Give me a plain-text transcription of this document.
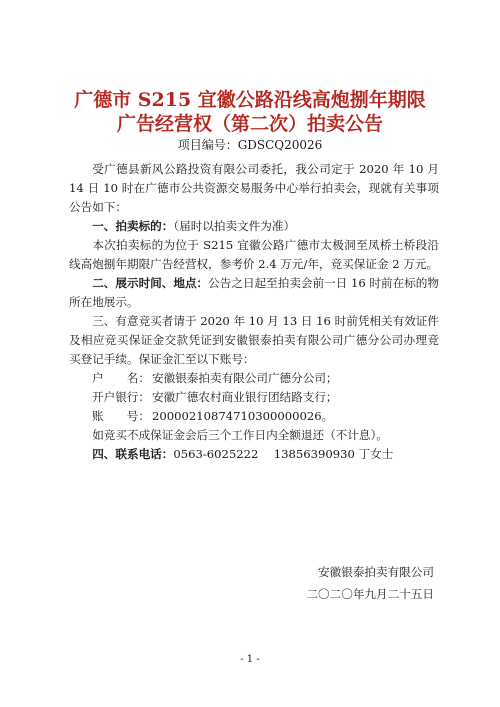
广德市 S215 宜徽公路沿线高炮捌年期限
广告经营权（第二次）拍卖公告
项目编号：GDSCQ20026

受广德县新风公路投资有限公司委托，我公司定于 2020 年 10 月 14 日 10 时在广德市公共资源交易服务中心举行拍卖会，现就有关事项公告如下：

一、拍卖标的：（届时以拍卖文件为准）

本次拍卖标的为位于 S215 宜徽公路广德市太极洞至凤桥土桥段沿线高炮捌年期限广告经营权，参考价 2.4 万元/年，竞买保证金 2 万元。

二、展示时间、地点：公告之日起至拍卖会前一日 16 时前在标的物所在地展示。

三、有意竞买者请于 2020 年 10 月 13 日 16 时前凭相关有效证件及相应竞买保证金交款凭证到安徽银泰拍卖有限公司广德分公司办理竞买登记手续。保证金汇至以下账号：

户　　名： 安徽银泰拍卖有限公司广德分公司；

开户银行： 安徽广德农村商业银行团结路支行；

账　　号： 20000210874710300000026。

如竞买不成保证金会后三个工作日内全额退还（不计息）。

四、联系电话：0563-6025222　 13856390930 丁女士

安徽银泰拍卖有限公司
二〇二〇年九月二十五日
- 1 -
